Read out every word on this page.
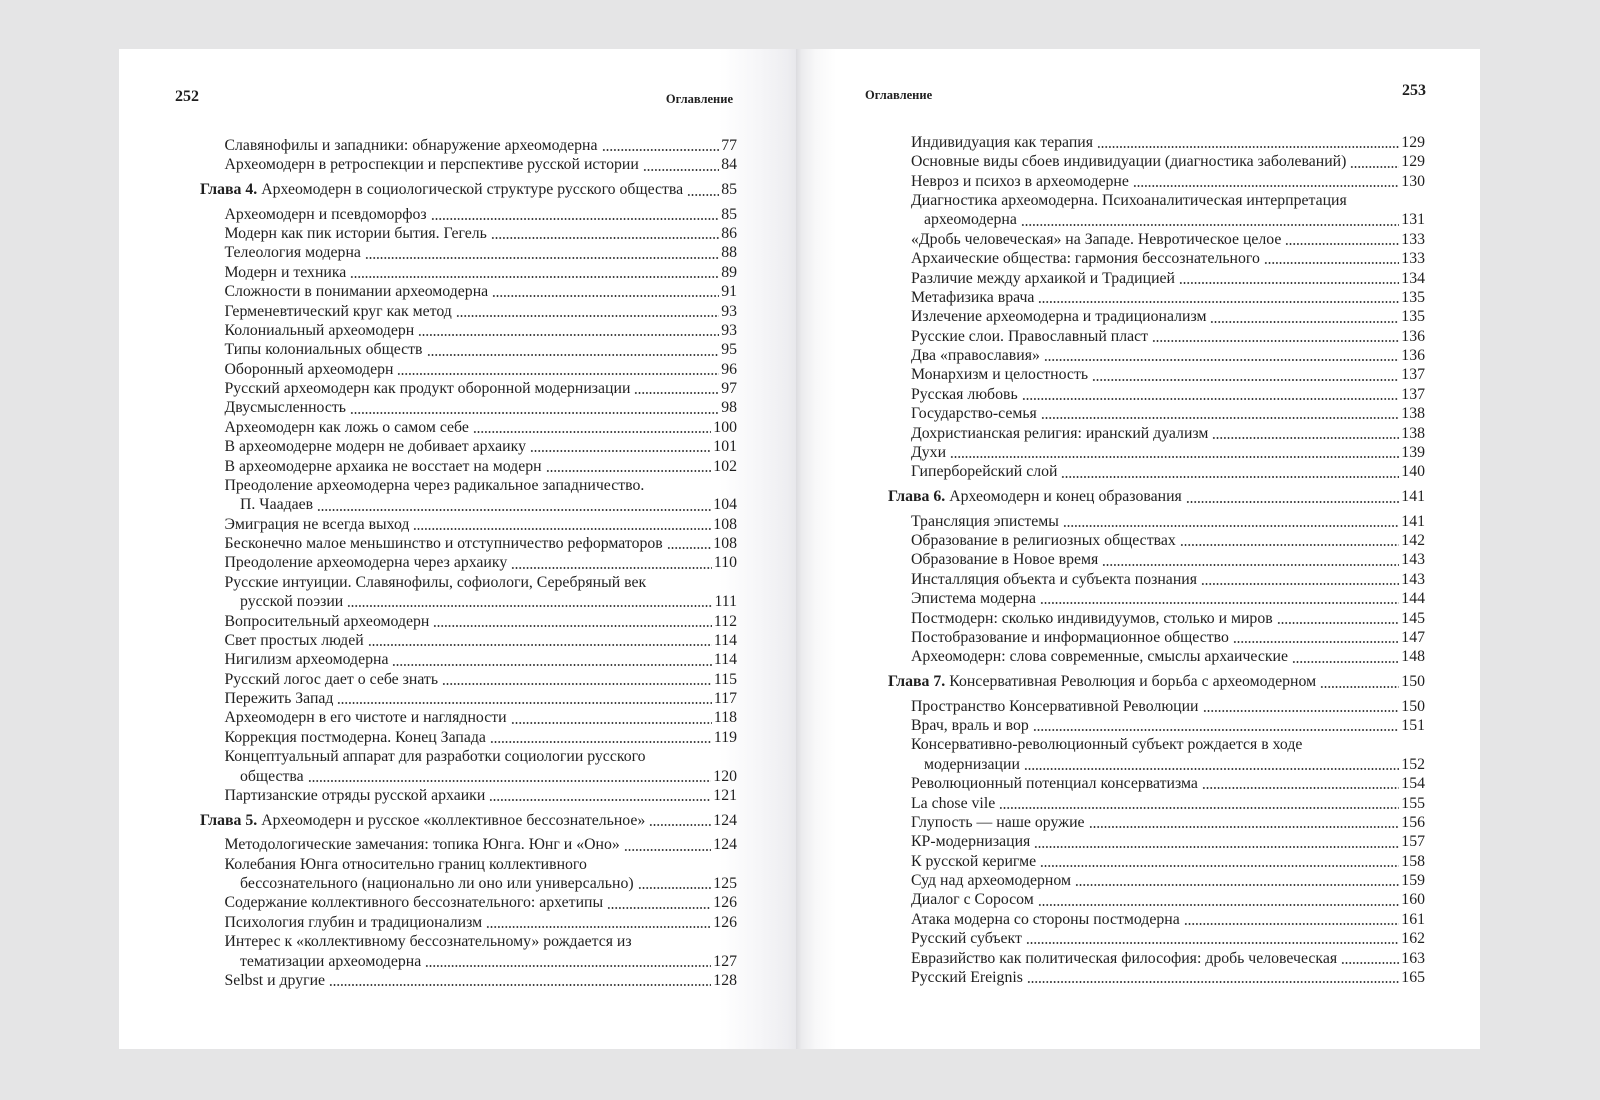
252	Оглавление
Славянофилы и западники: обнаружение археомодерна	77
Археомодерн в ретроспекции и перспективе русской истории	84
Глава 4. Археомодерн в социологической структуре русского общества 85
Археомодерн и псевдоморфоз	85
Модерн как пик истории бытия. Гегель	86
Телеология модерна	88
Модерн и техника	89
Сложности в понимании археомодерна	91
Герменевтический круг как метод	93
Колониальный археомодерн	93
Типы колониальных обществ	95
Оборонный археомодерн	96
Русский археомодерн как продукт оборонной модернизации	97
Двусмысленность	98
Археомодерн как ложь о самом себе	100
В археомодерне модерн не добивает архаику	101
В археомодерне архаика не восстает на модерн	102
Преодоление археомодерна через радикальное западничество.
П. Чаадаев	104
Эмиграция не всегда выход	108
Бесконечно малое меньшинство и отступничество реформаторов	108
Преодоление археомодерна через архаику	110
Русские интуиции. Славянофилы, софиологи, Серебряный век
русской поэзии	111
Вопросительный археомодерн	112
Свет простых людей	114
Нигилизм археомодерна	114
Русский логос дает о себе знать	115
Пережить Запад	117
Археомодерн в его чистоте и наглядности	118
Коррекция постмодерна. Конец Запада	119
Концептуальный аппарат для разработки социологии русского
общества	120
Партизанские отряды русской архаики	121
Глава 5. Археомодерн и русское «коллективное бессознательное»	124
Методологические замечания: топика Юнга. Юнг и «Оно»	124
Колебания Юнга относительно границ коллективного
бессознательного (национально ли оно или универсально)	125
Содержание коллективного бессознательного: архетипы	126
Психология глубин и традиционализм	126
Интерес к «коллективному бессознательному» рождается из
тематизации археомодерна	127
Selbst и другие	128
Оглавление	253
Индивидуация как терапия	129
Основные виды сбоев индивидуации (диагностика заболеваний)	129
Невроз и психоз в археомодерне	130
Диагностика археомодерна. Психоаналитическая интерпретация
археомодерна	131
«Дробь человеческая» на Западе. Невротическое целое	133
Архаические общества: гармония бессознательного	133
Различие между архаикой и Традицией	134
Метафизика врача	135
Излечение археомодерна и традиционализм	135
Русские слои. Православный пласт	136
Два «православия»	136
Монархизм и целостность	137
Русская любовь	137
Государство-семья	138
Дохристианская религия: иранский дуализм	138
Духи	139
Гиперборейский слой	140
Глава 6. Археомодерн и конец образования	141
Трансляция эпистемы	141
Образование в религиозных обществах	142
Образование в Новое время	143
Инсталляция объекта и субъекта познания	143
Эпистема модерна	144
Постмодерн: сколько индивидуумов, столько и миров	145
Постобразование и информационное общество	147
Археомодерн: слова современные, смыслы архаические	148
Глава 7. Консервативная Революция и борьба с археомодерном	150
Пространство Консервативной Революции	150
Врач, враль и вор	151
Консервативно-революционный субъект рождается в ходе
модернизации	152
Революционный потенциал консерватизма	154
La chose vile	155
Глупость — наше оружие	156
КР-модернизация	157
К русской керигме	158
Суд над археомодерном	159
Диалог с Соросом	160
Атака модерна со стороны постмодерна	161
Русский субъект	162
Евразийство как политическая философия: дробь человеческая	163
Русский Ereignis	165
